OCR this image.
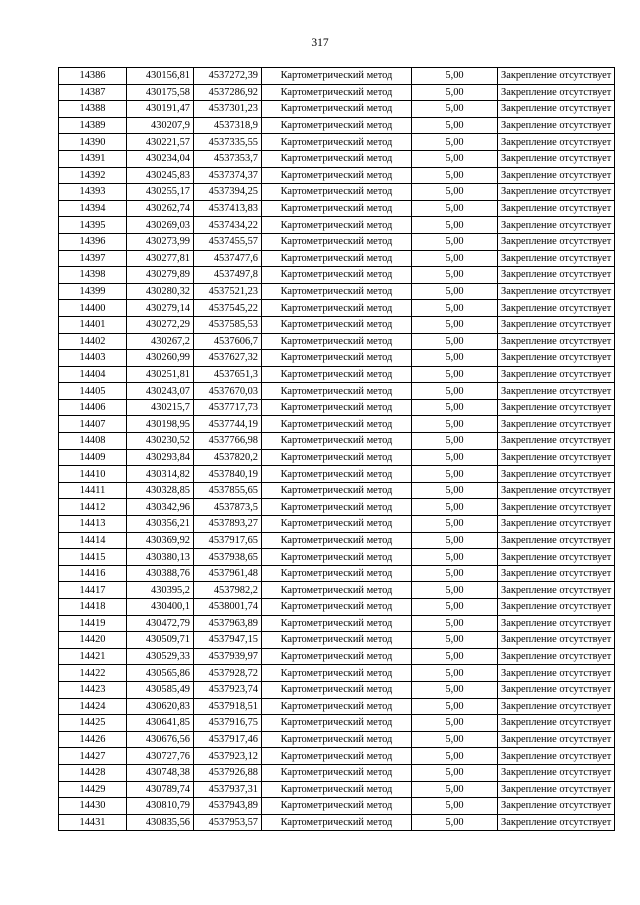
317
14386	430156,81	4537272,39	Картометрический метод	5,00	Закрепление отсутствует
14387	430175,58	4537286,92	Картометрический метод	5,00	Закрепление отсутствует
14388	430191,47	4537301,23	Картометрический метод	5,00	Закрепление отсутствует
14389	430207,9	4537318,9	Картометрический метод	5,00	Закрепление отсутствует
14390	430221,57	4537335,55	Картометрический метод	5,00	Закрепление отсутствует
14391	430234,04	4537353,7	Картометрический метод	5,00	Закрепление отсутствует
14392	430245,83	4537374,37	Картометрический метод	5,00	Закрепление отсутствует
14393	430255,17	4537394,25	Картометрический метод	5,00	Закрепление отсутствует
14394	430262,74	4537413,83	Картометрический метод	5,00	Закрепление отсутствует
14395	430269,03	4537434,22	Картометрический метод	5,00	Закрепление отсутствует
14396	430273,99	4537455,57	Картометрический метод	5,00	Закрепление отсутствует
14397	430277,81	4537477,6	Картометрический метод	5,00	Закрепление отсутствует
14398	430279,89	4537497,8	Картометрический метод	5,00	Закрепление отсутствует
14399	430280,32	4537521,23	Картометрический метод	5,00	Закрепление отсутствует
14400	430279,14	4537545,22	Картометрический метод	5,00	Закрепление отсутствует
14401	430272,29	4537585,53	Картометрический метод	5,00	Закрепление отсутствует
14402	430267,2	4537606,7	Картометрический метод	5,00	Закрепление отсутствует
14403	430260,99	4537627,32	Картометрический метод	5,00	Закрепление отсутствует
14404	430251,81	4537651,3	Картометрический метод	5,00	Закрепление отсутствует
14405	430243,07	4537670,03	Картометрический метод	5,00	Закрепление отсутствует
14406	430215,7	4537717,73	Картометрический метод	5,00	Закрепление отсутствует
14407	430198,95	4537744,19	Картометрический метод	5,00	Закрепление отсутствует
14408	430230,52	4537766,98	Картометрический метод	5,00	Закрепление отсутствует
14409	430293,84	4537820,2	Картометрический метод	5,00	Закрепление отсутствует
14410	430314,82	4537840,19	Картометрический метод	5,00	Закрепление отсутствует
14411	430328,85	4537855,65	Картометрический метод	5,00	Закрепление отсутствует
14412	430342,96	4537873,5	Картометрический метод	5,00	Закрепление отсутствует
14413	430356,21	4537893,27	Картометрический метод	5,00	Закрепление отсутствует
14414	430369,92	4537917,65	Картометрический метод	5,00	Закрепление отсутствует
14415	430380,13	4537938,65	Картометрический метод	5,00	Закрепление отсутствует
14416	430388,76	4537961,48	Картометрический метод	5,00	Закрепление отсутствует
14417	430395,2	4537982,2	Картометрический метод	5,00	Закрепление отсутствует
14418	430400,1	4538001,74	Картометрический метод	5,00	Закрепление отсутствует
14419	430472,79	4537963,89	Картометрический метод	5,00	Закрепление отсутствует
14420	430509,71	4537947,15	Картометрический метод	5,00	Закрепление отсутствует
14421	430529,33	4537939,97	Картометрический метод	5,00	Закрепление отсутствует
14422	430565,86	4537928,72	Картометрический метод	5,00	Закрепление отсутствует
14423	430585,49	4537923,74	Картометрический метод	5,00	Закрепление отсутствует
14424	430620,83	4537918,51	Картометрический метод	5,00	Закрепление отсутствует
14425	430641,85	4537916,75	Картометрический метод	5,00	Закрепление отсутствует
14426	430676,56	4537917,46	Картометрический метод	5,00	Закрепление отсутствует
14427	430727,76	4537923,12	Картометрический метод	5,00	Закрепление отсутствует
14428	430748,38	4537926,88	Картометрический метод	5,00	Закрепление отсутствует
14429	430789,74	4537937,31	Картометрический метод	5,00	Закрепление отсутствует
14430	430810,79	4537943,89	Картометрический метод	5,00	Закрепление отсутствует
14431	430835,56	4537953,57	Картометрический метод	5,00	Закрепление отсутствует
